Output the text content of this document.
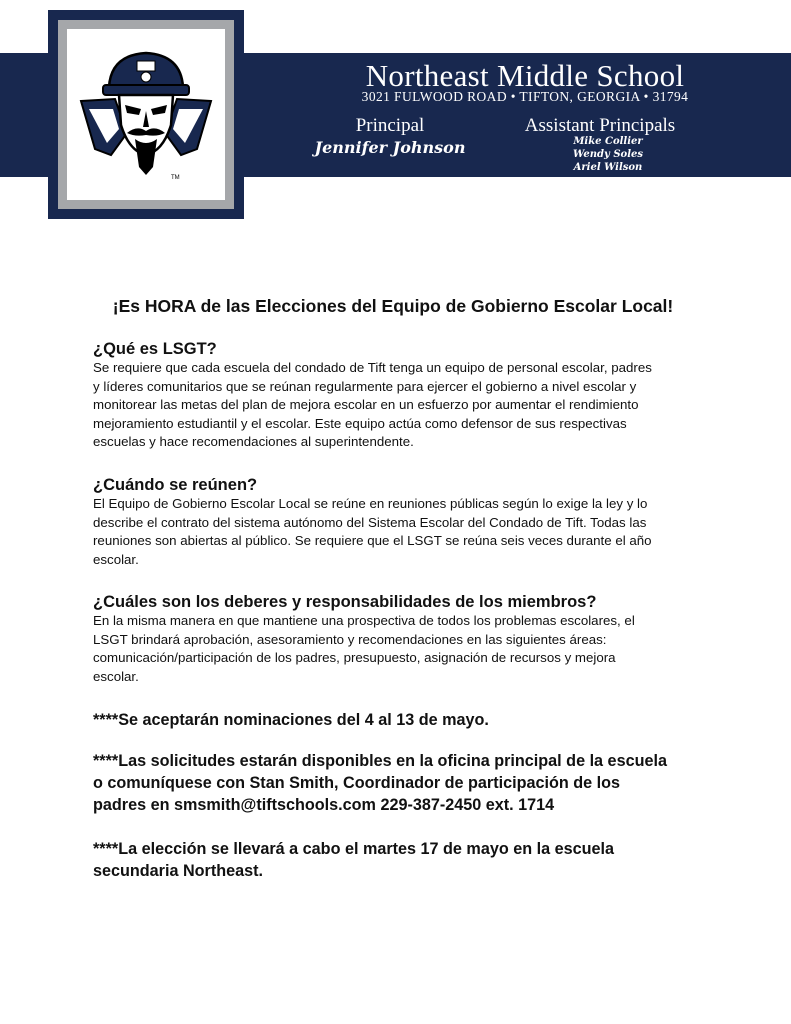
TM
Northeast Middle School
3021 FULWOOD ROAD • TIFTON, GEORGIA • 31794
Principal
Jennifer Johnson
Assistant Principals
Mike Collier
Wendy Soles
Ariel Wilson
¡Es HORA de las Elecciones del Equipo de Gobierno Escolar Local!
¿Qué es LSGT?

Se requiere que cada escuela del condado de Tift tenga un equipo de personal escolar, padres
y líderes comunitarios que se reúnan regularmente para ejercer el gobierno a nivel escolar y
monitorear las metas del plan de mejora escolar en un esfuerzo por aumentar el rendimiento
mejoramiento estudiantil y el escolar. Este equipo actúa como defensor de sus respectivas
escuelas y hace recomendaciones al superintendente.

¿Cuándo se reúnen?

El Equipo de Gobierno Escolar Local se reúne en reuniones públicas según lo exige la ley y lo
describe el contrato del sistema autónomo del Sistema Escolar del Condado de Tift. Todas las
reuniones son abiertas al público. Se requiere que el LSGT se reúna seis veces durante el año
escolar.

¿Cuáles son los deberes y responsabilidades de los miembros?

En la misma manera en que mantiene una prospectiva de todos los problemas escolares, el
LSGT brindará aprobación, asesoramiento y recomendaciones en las siguientes áreas:
comunicación/participación de los padres, presupuesto, asignación de recursos y mejora
escolar.

****Se aceptarán nominaciones del 4 al 13 de mayo.
****Las solicitudes estarán disponibles en la oficina principal de la escuela
o comuníquese con Stan Smith, Coordinador de participación de los
padres en smsmith@tiftschools.com 229-387-2450 ext. 1714
****La elección se llevará a cabo el martes 17 de mayo en la escuela
secundaria Northeast.
